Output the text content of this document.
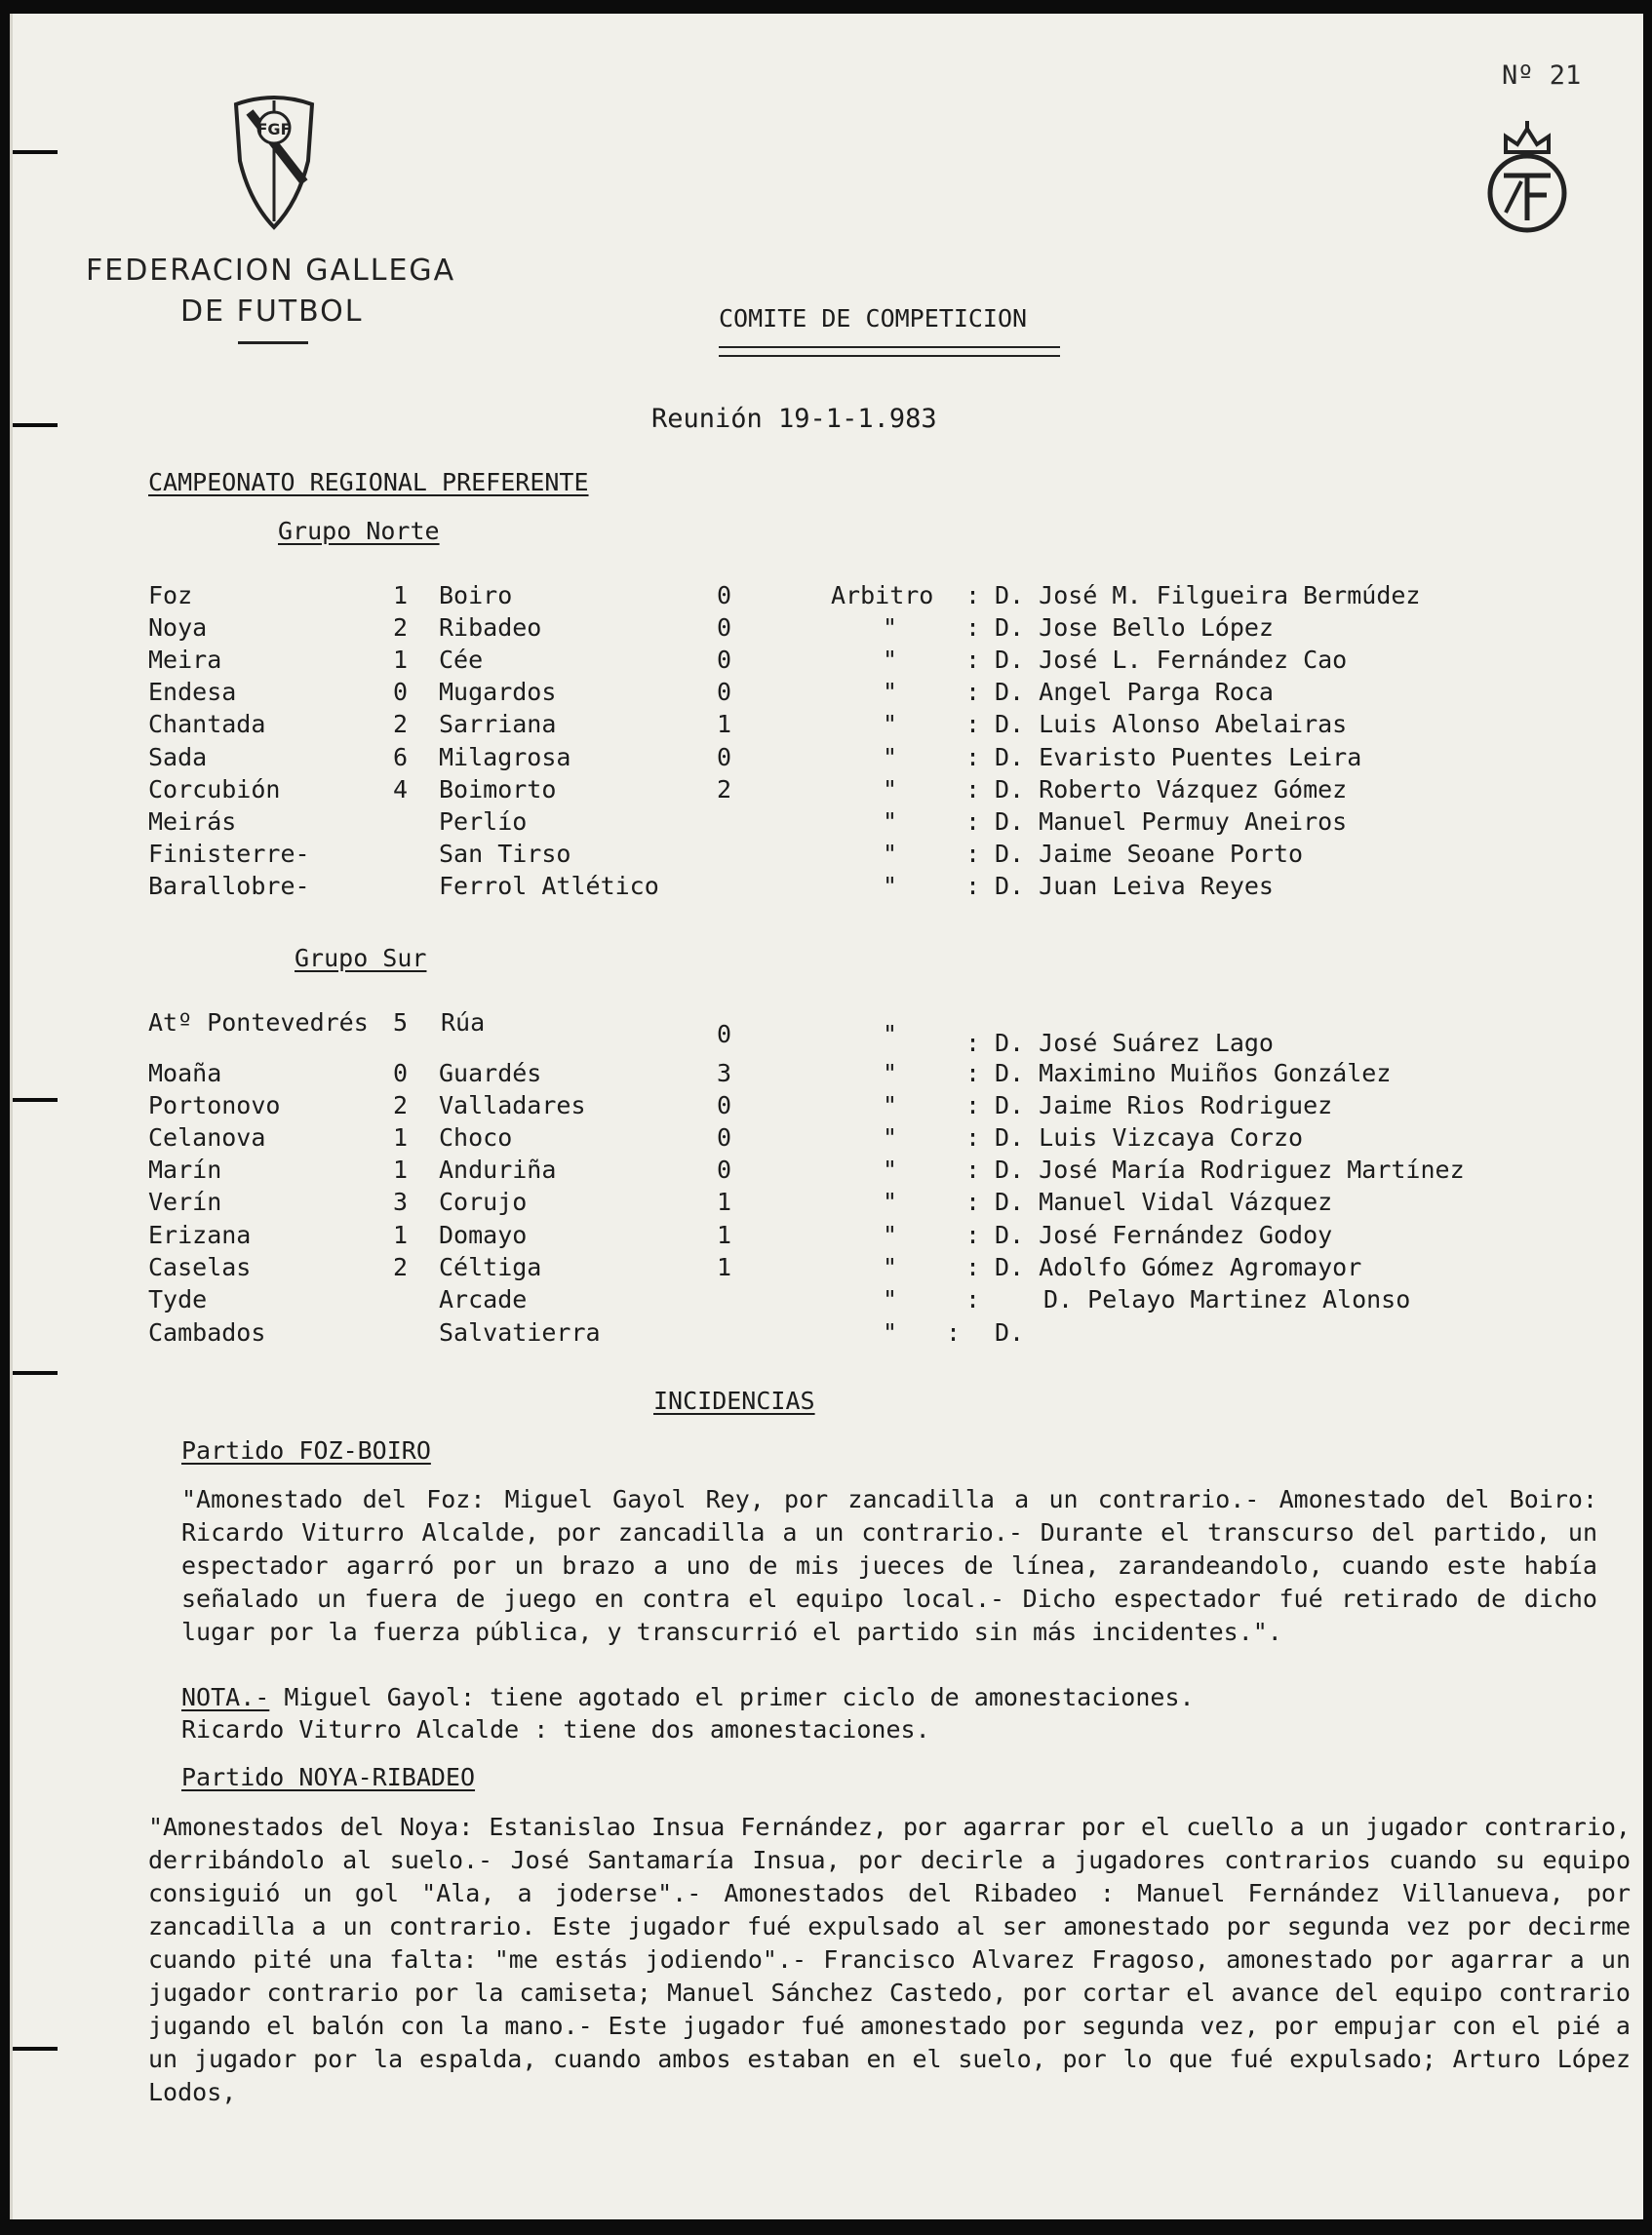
Nº 21
FGF
FEDERACION GALLEGA
DE FUTBOL	COMITE DE COMPETICION
Reunión 19-1-1.983
CAMPEONATO REGIONAL PREFERENTE
Grupo Norte
Foz	1 Boiro	0	Arbitro : D. José M. Filgueira Bermúdez
Noya	2 Ribadeo	0	"	: D. Jose Bello López
Meira	1 Cée	0	"	: D. José L. Fernández Cao
Endesa	0 Mugardos	0	"	: D. Angel Parga Roca
Chantada	2 Sarriana	1	"	: D. Luis Alonso Abelairas
Sada	6 Milagrosa	0	"	: D. Evaristo Puentes Leira
Corcubión	4 Boimorto	2	"	: D. Roberto Vázquez Gómez
Meirás	Perlío	"	: D. Manuel Permuy Aneiros
Finisterre-	San Tirso	"	: D. Jaime Seoane Porto
Barallobre-	Ferrol Atlético	"	: D. Juan Leiva Reyes
Grupo Sur
Atº Pontevedrés 5 Rúa	0	"	: D. José Suárez Lago
Moaña	0 Guardés	3	"	: D. Maximino Muiños González
Portonovo	2 Valladares	0	"	: D. Jaime Rios Rodriguez
Celanova	1 Choco	0	"	: D. Luis Vizcaya Corzo
Marín	1 Anduriña	0	"	: D. José María Rodriguez Martínez
Verín	3 Corujo	1	"	: D. Manuel Vidal Vázquez
Erizana	1 Domayo	1	"	: D. José Fernández Godoy
Caselas	2 Céltiga	1	"	: D. Adolfo Gómez Agromayor
Tyde	Arcade	"	:	D. Pelayo Martinez Alonso
Cambados	Salvatierra	" : D.
INCIDENCIAS
Partido FOZ-BOIRO
"Amonestado del Foz: Miguel Gayol Rey, por zancadilla a un contrario.- Amonestado del Boiro: Ricardo Viturro Alcalde, por zancadilla a un contrario.- Durante el transcurso del partido, un espectador agarró por un brazo a uno de mis jueces de línea, zarandeandolo, cuando este había señalado un fuera de juego en contra el equipo local.- Dicho espectador fué retirado de dicho lugar por la fuerza pública, y transcurrió el partido sin más incidentes.".
NOTA.- Miguel Gayol: tiene agotado el primer ciclo de amonestaciones.
Ricardo Viturro Alcalde : tiene dos amonestaciones.
Partido NOYA-RIBADEO
"Amonestados del Noya: Estanislao Insua Fernández, por agarrar por el cuello a un jugador contrario, derribándolo al suelo.- José Santamaría Insua, por decirle a jugadores contrarios cuando su equipo consiguió un gol "Ala, a joderse".- Amonestados del Ribadeo : Manuel Fernández Villanueva, por zancadilla a un contrario. Este jugador fué expulsado al ser amonestado por segunda vez por decirme cuando pité una falta: "me estás jodiendo".- Francisco Alvarez Fragoso, amonestado por agarrar a un jugador contrario por la camiseta; Manuel Sánchez Castedo, por cortar el avance del equipo contrario jugando el balón con la mano.- Este jugador fué amonestado por segunda vez, por empujar con el pié a un jugador por la espalda, cuando ambos estaban en el suelo, por lo que fué expulsado; Arturo López Lodos,
